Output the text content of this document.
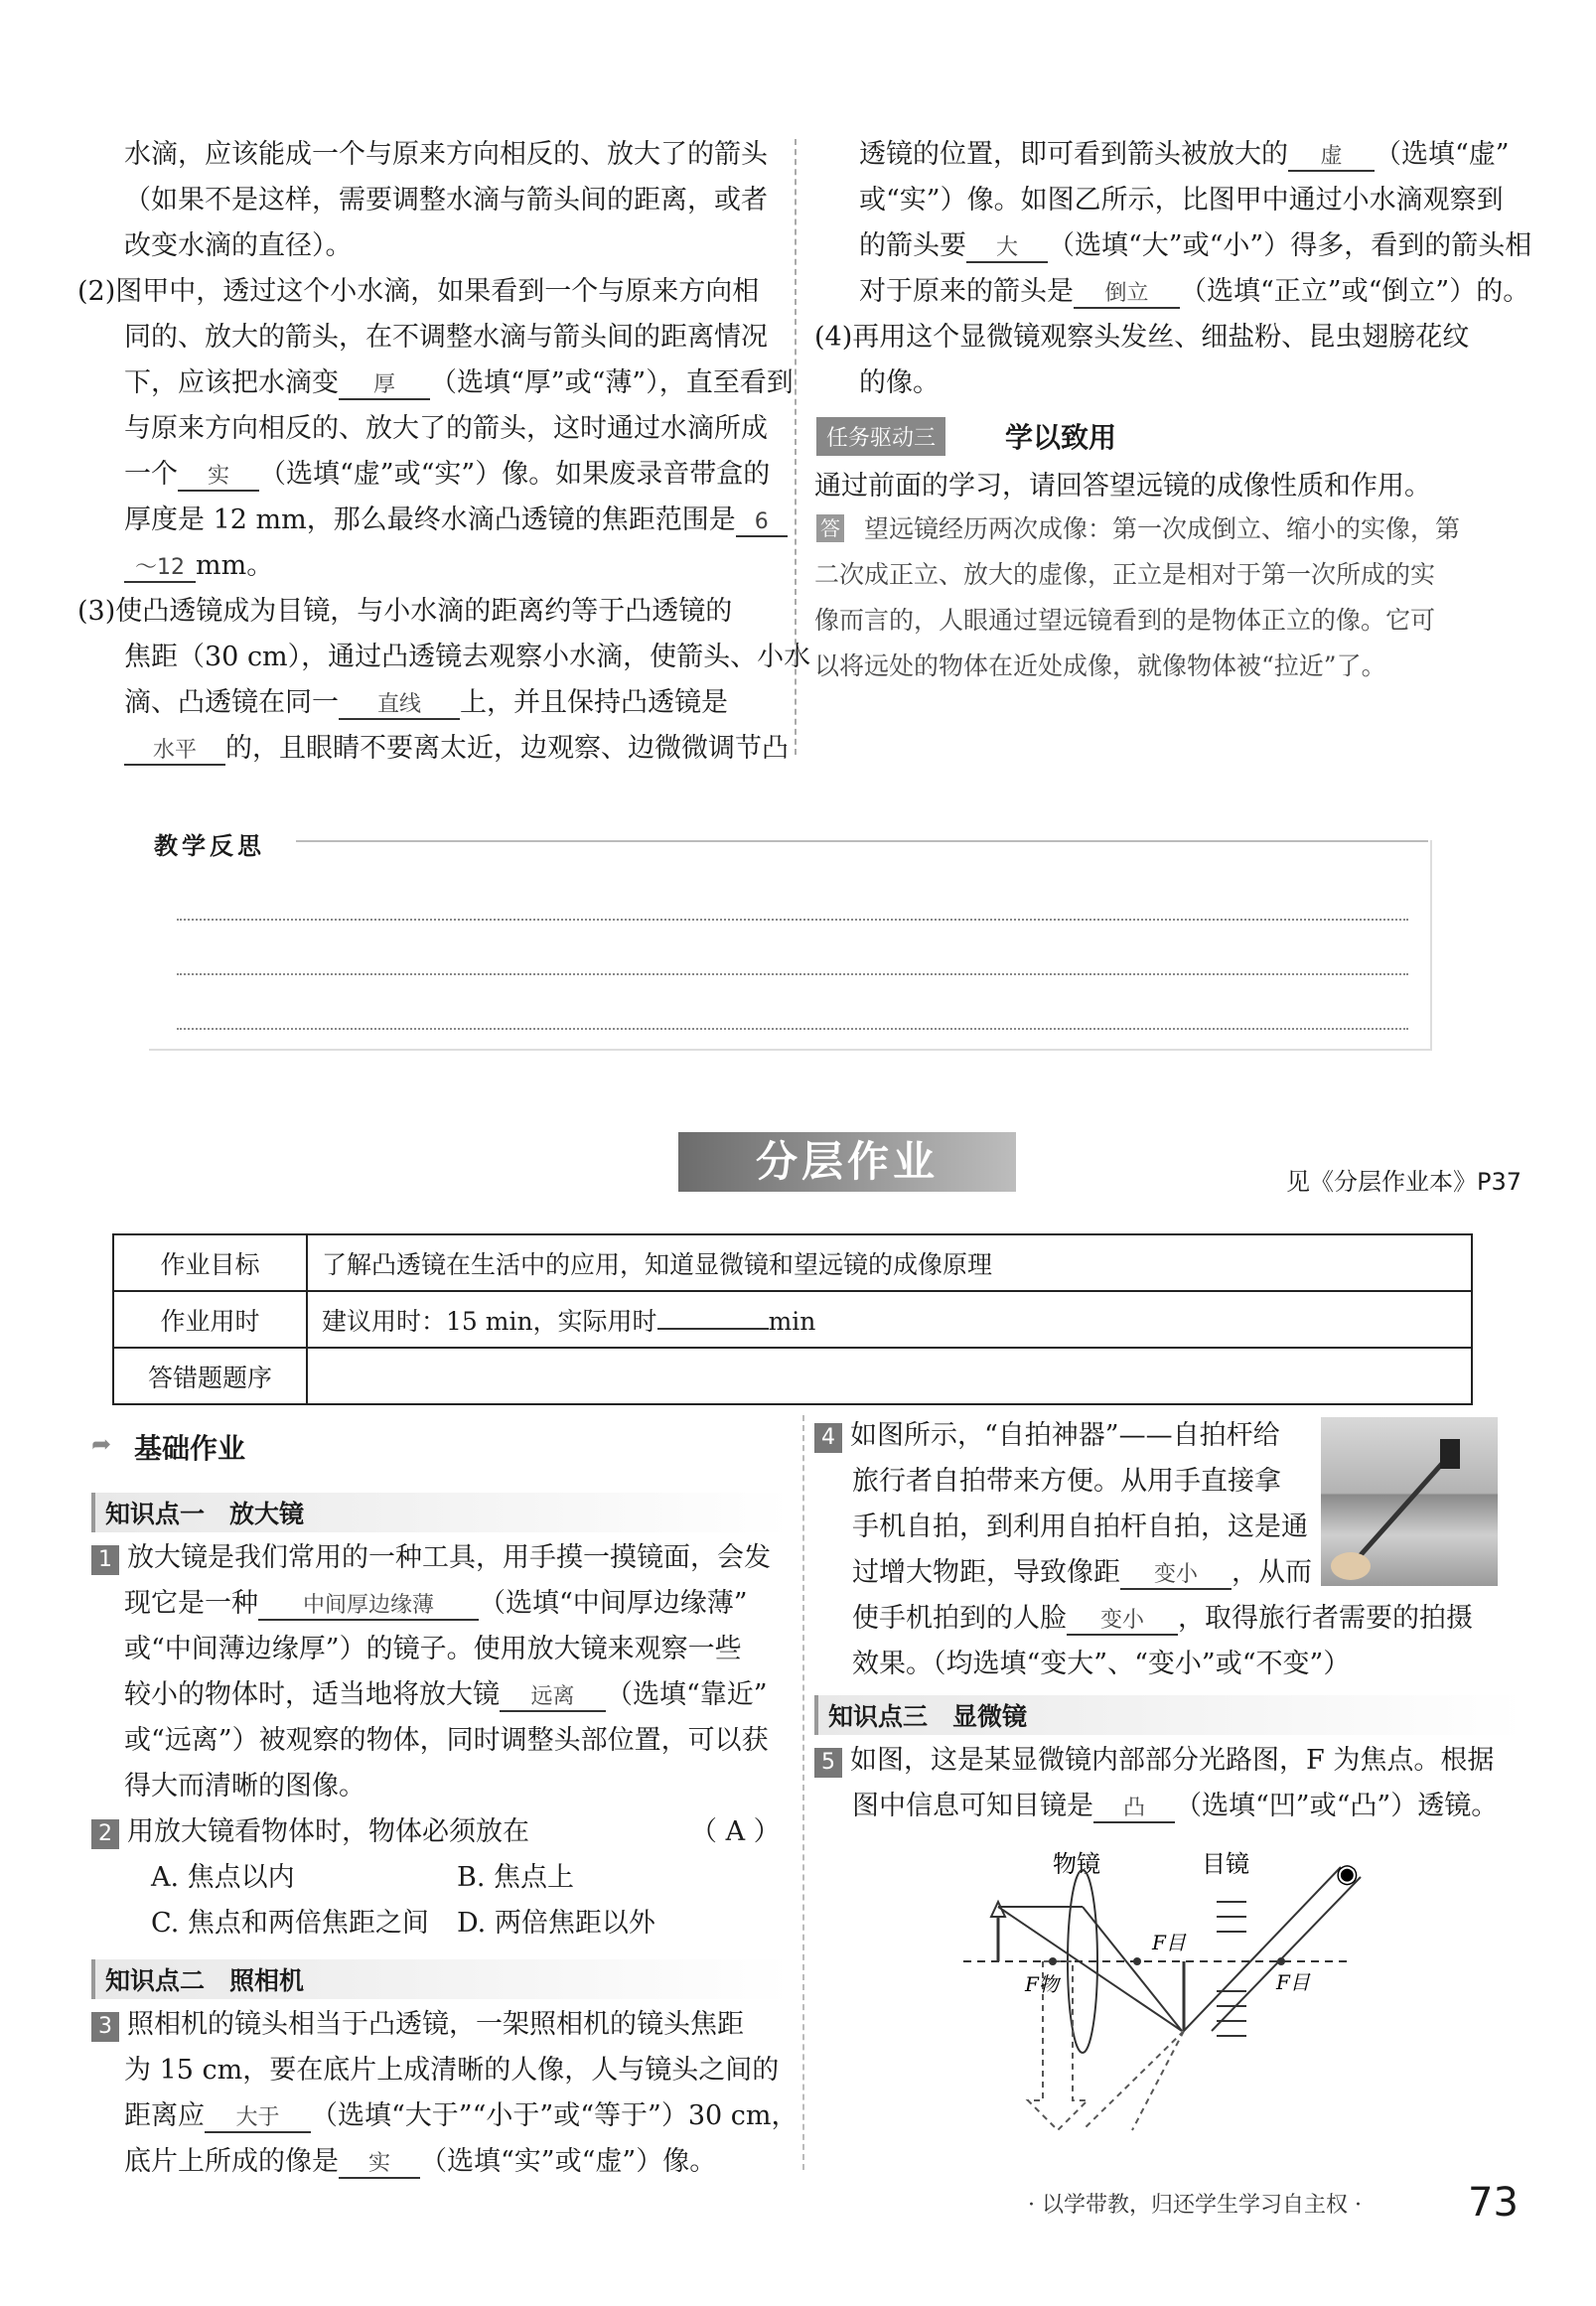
水滴，应该能成一个与原来方向相反的、放大了的箭头
（如果不是这样，需要调整水滴与箭头间的距离，或者
改变水滴的直径）。
(2)图甲中，透过这个小水滴，如果看到一个与原来方向相
同的、放大的箭头，在不调整水滴与箭头间的距离情况
下，应该把水滴变 厚 （选填“厚”或“薄”），直至看到
与原来方向相反的、放大了的箭头，这时通过水滴所成
一个 实 （选填“虚”或“实”）像。如果废录音带盒的
厚度是 12 mm，那么最终水滴凸透镜的焦距范围是 6
～12 mm。
(3)使凸透镜成为目镜，与小水滴的距离约等于凸透镜的
焦距（30 cm），通过凸透镜去观察小水滴，使箭头、小水
滴、凸透镜在同一 直线 上，并且保持凸透镜是
水平 的，且眼睛不要离太近，边观察、边微微调节凸
透镜的位置，即可看到箭头被放大的 虚 （选填“虚”
或“实”）像。如图乙所示，比图甲中通过小水滴观察到
的箭头要 大 （选填“大”或“小”）得多，看到的箭头相
对于原来的箭头是 倒立 （选填“正立”或“倒立”）的。
(4)再用这个显微镜观察头发丝、细盐粉、昆虫翅膀花纹
的像。
任务驱动三	学以致用
通过前面的学习，请回答望远镜的成像性质和作用。
答 望远镜经历两次成像：第一次成倒立、缩小的实像，第
二次成正立、放大的虚像，正立是相对于第一次所成的实
像而言的，人眼通过望远镜看到的是物体正立的像。它可
以将远处的物体在近处成像，就像物体被“拉近”了。
教学反思
分层作业	见《分层作业本》P37
作业目标	了解凸透镜在生活中的应用，知道显微镜和望远镜的成像原理
作业用时	建议用时：15 min，实际用时 min
答错题题序	
➦ 基础作业
知识点一　放大镜
1 放大镜是我们常用的一种工具，用手摸一摸镜面，会发
现它是一种 中间厚边缘薄 （选填“中间厚边缘薄”
或“中间薄边缘厚”）的镜子。使用放大镜来观察一些
较小的物体时，适当地将放大镜 远离 （选填“靠近”
或“远离”）被观察的物体，同时调整头部位置，可以获
得大而清晰的图像。
2 用放大镜看物体时，物体必须放在	（ A ）
A. 焦点以内	B. 焦点上
C. 焦点和两倍焦距之间 D. 两倍焦距以外
知识点二　照相机
3 照相机的镜头相当于凸透镜，一架照相机的镜头焦距
为 15 cm，要在底片上成清晰的人像，人与镜头之间的
距离应 大于 （选填“大于”“小于”或“等于”）30 cm，
底片上所成的像是 实 （选填“实”或“虚”）像。
4 如图所示，“自拍神器”——自拍杆给
旅行者自拍带来方便。从用手直接拿
手机自拍，到利用自拍杆自拍，这是通
过增大物距，导致像距 变小 ，从而
使手机拍到的人脸 变小 ，取得旅行者需要的拍摄
效果。（均选填“变大”、“变小”或“不变”）
知识点三　显微镜
5 如图，这是某显微镜内部部分光路图，F 为焦点。根据
图中信息可知目镜是 凸 （选填“凹”或“凸”）透镜。
物镜	目镜	◉
F物
F目
F目
· 以学带教，归还学生学习自主权 ·	73
